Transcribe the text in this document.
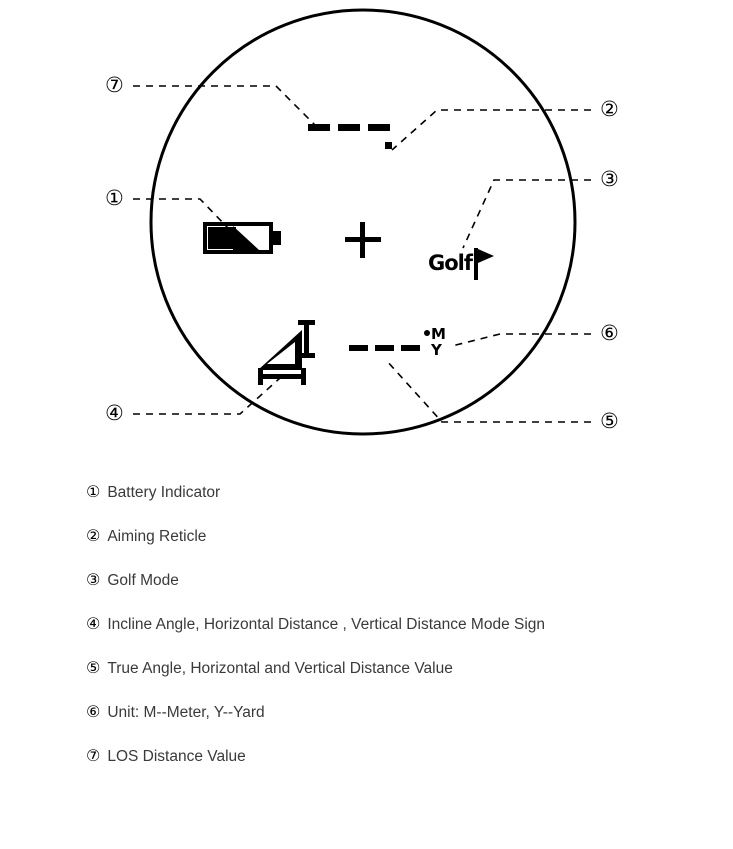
⑦
②
①
③
⑥
④	⑤
Golf
M
Y
① Battery Indicator
② Aiming Reticle
③ Golf Mode
④ Incline Angle, Horizontal Distance , Vertical Distance Mode Sign
⑤ True Angle, Horizontal and Vertical Distance Value
⑥ Unit: M--Meter, Y--Yard
⑦ LOS Distance Value
